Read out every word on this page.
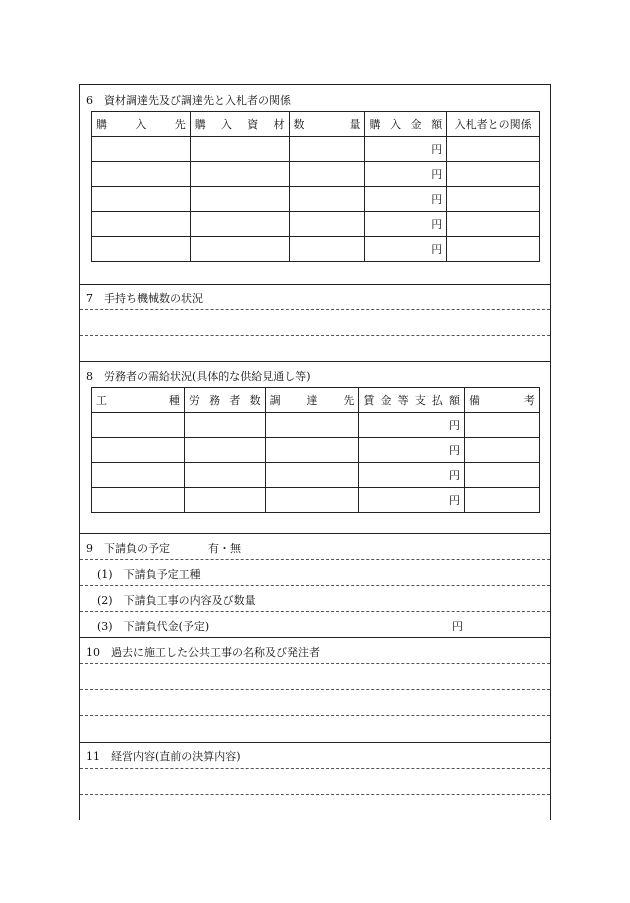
6　資材調達先及び調達先と入札者の関係
購　　入　　先	購　入　資　材	数　　　　量	購 入 金 額	入札者との関係
			円	
			円	
			円	
			円	
			円	
7　手持ち機械数の状況
8　労務者の需給状況(具体的な供給見通し等)
工　　　　種	労 務 者 数	調　　達　　先	賃金等支払額	備　　　考
			円	
			円	
			円	
			円	
9　下請負の予定	有・無
(1)　下請負予定工種
(2)　下請負工事の内容及び数量
(3)　下請負代金(予定)	円
10　過去に施工した公共工事の名称及び発注者
11　経営内容(直前の決算内容)
